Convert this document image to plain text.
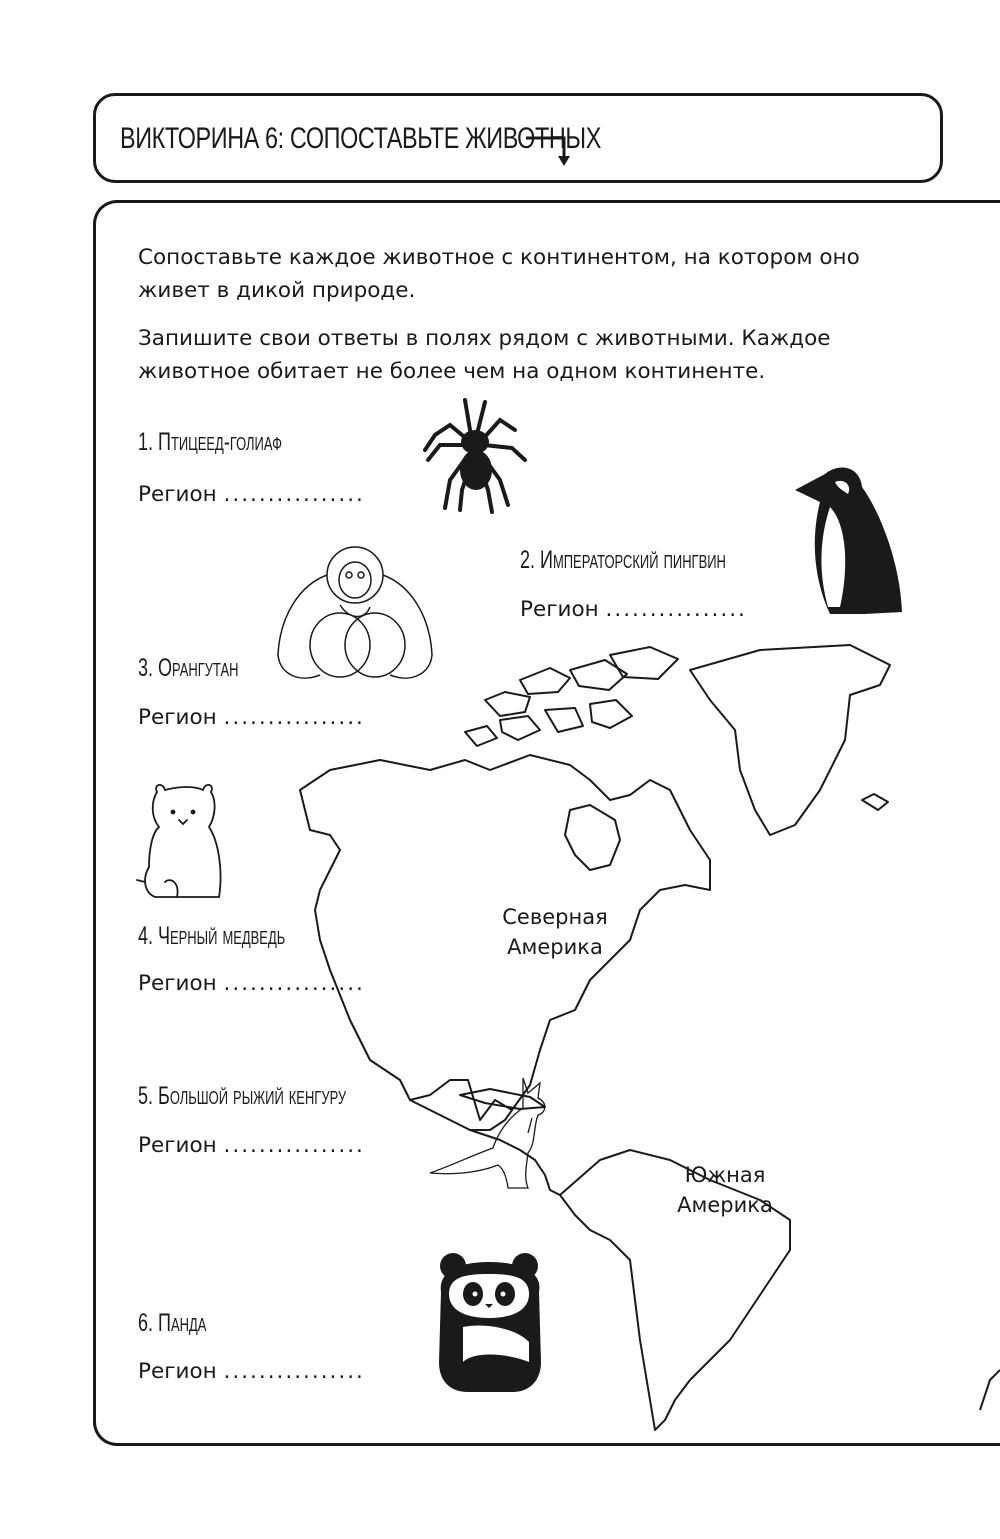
ВИКТОРИНА 6: СОПОСТАВЬТЕ ЖИВОТНЫХ

Сопоставьте каждое животное с континентом, на котором оно живет в дикой природе.

Запишите свои ответы в полях рядом с животными. Каждое животное обитает не более чем на одном континенте.

Северная
Америка
Южная
Америка
1. Птицеед-голиаф
Регион ................
2. Императорский пингвин
Регион ................
3. Орангутан
Регион ................
4. Черный медведь
Регион ................
5. Большой рыжий кенгуру
Регион ................
6. Панда
Регион ................
